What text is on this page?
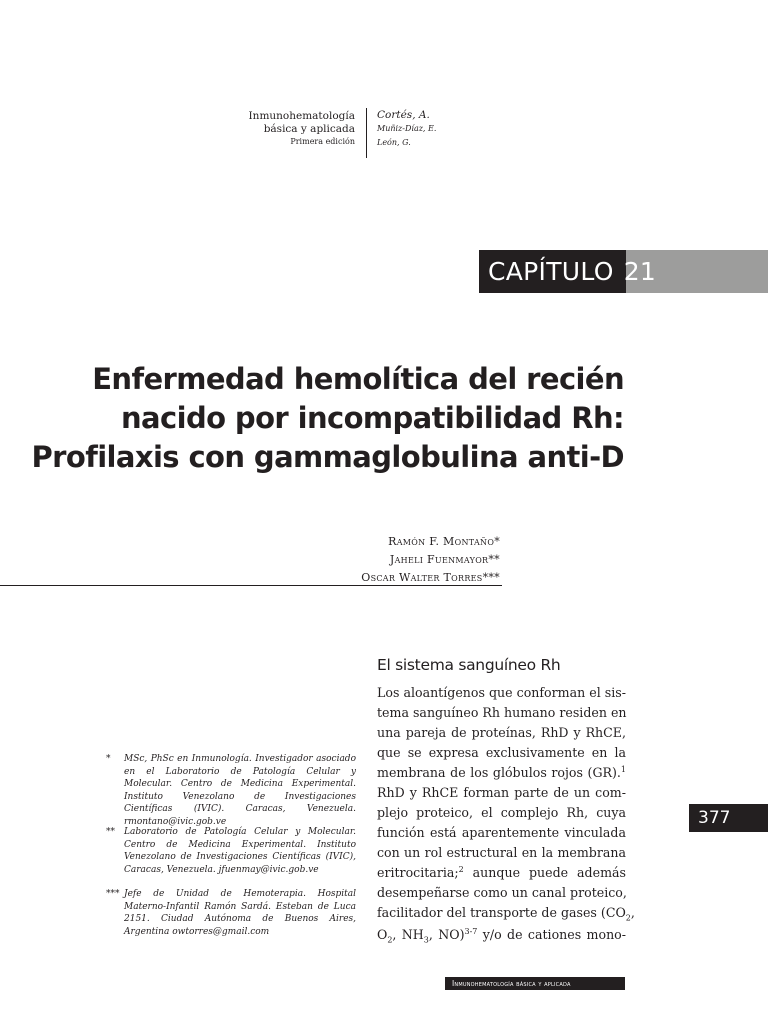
Inmunohematología
básica y aplicada
Primera edición
Cortés, A.
Muñiz-Díaz, E.
León, G.
CAPÍTULO 21
Enfermedad hemolítica del recién
nacido por incompatibilidad Rh:
Profilaxis con gammaglobulina anti-D
Ramón F. Montaño*
Jaheli Fuenmayor**
Oscar Walter Torres***
El sistema sanguíneo Rh
Los aloantígenos que conforman el sis-
tema sanguíneo Rh humano residen en
una pareja de proteínas, RhD y RhCE,
que se expresa exclusivamente en la
membrana de los glóbulos rojos (GR).$^1$
RhD y RhCE forman parte de un com-
plejo proteico, el complejo Rh, cuya
función está aparentemente vinculada
con un rol estructural en la membrana
eritrocitaria;$^2$ aunque puede además
desempeñarse como un canal proteico,
facilitador del transporte de gases ($CO_2$,
$O_2$, $NH_3$, NO)$^{3-7}$ y/o de cationes mono-
* MSc, PhSc en Inmunología. Investigador asociado en el Laboratorio de Patología Celular y Molecular. Centro de Medicina Experimental. Instituto Venezolano de Investigaciones Científicas (IVIC). Caracas, Venezuela. rmontano@ivic.gob.ve
** Laboratorio de Patología Celular y Molecular. Centro de Medicina Experimental. Instituto Venezolano de Investigaciones Científicas (IVIC), Caracas, Venezuela. jfuenmay@ivic.gob.ve
*** Jefe de Unidad de Hemoterapia. Hospital Materno-Infantil Ramón Sardá. Esteban de Luca 2151. Ciudad Autónoma de Buenos Aires, Argentina owtorres@gmail.com
377
Inmunohematología básica y aplicada
